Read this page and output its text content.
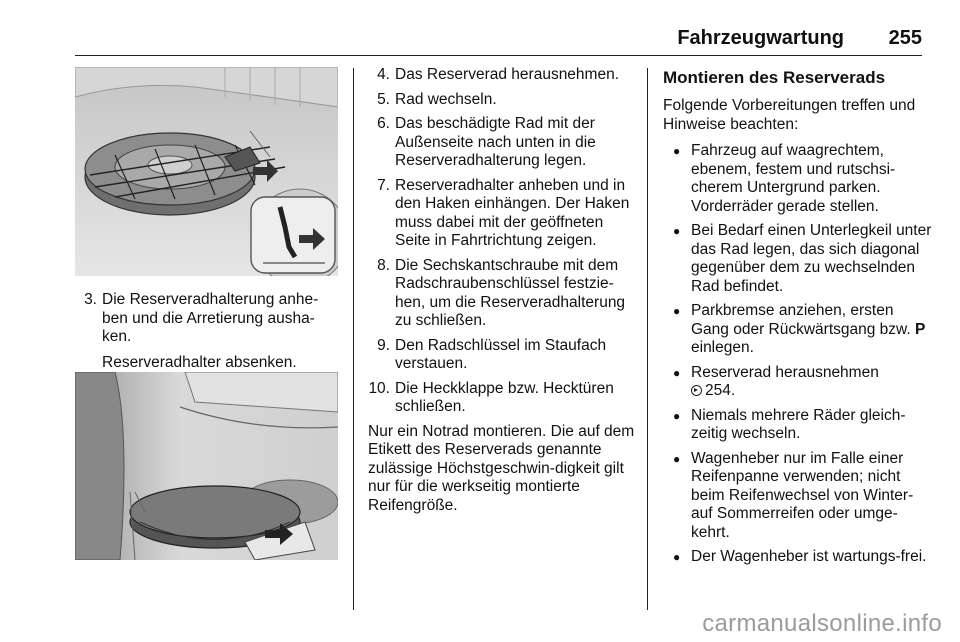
Fahrzeugwartung 255
3. Die Reserveradhalterung anhe-ben und die Arretierung ausha-ken.

Reserveradhalter absenken.

4. Das Reserverad herausnehmen.
5. Rad wechseln.
6. Das beschädigte Rad mit der Außenseite nach unten in die Reserveradhalterung legen.
7. Reserveradhalter anheben und in den Haken einhängen. Der Haken muss dabei mit der geöffneten Seite in Fahrtrichtung zeigen.
8. Die Sechskantschraube mit dem Radschraubenschlüssel festzie-hen, um die Reserveradhalterung zu schließen.
9. Den Radschlüssel im Staufach verstauen.
10. Die Heckklappe bzw. Hecktüren schließen.

Nur ein Notrad montieren. Die auf dem Etikett des Reserverads genannte zulässige Höchstgeschwin-digkeit gilt nur für die werkseitig montierte Reifengröße.

Montieren des Reserverads

Folgende Vorbereitungen treffen und Hinweise beachten:

● Fahrzeug auf waagrechtem, ebenem, festem und rutschsi-cherem Untergrund parken. Vorderräder gerade stellen.
● Bei Bedarf einen Unterlegkeil unter das Rad legen, das sich diagonal gegenüber dem zu wechselnden Rad befindet.
● Parkbremse anziehen, ersten Gang oder Rückwärtsgang bzw. P einlegen.
● Reserverad herausnehmen
254.
● Niemals mehrere Räder gleich-zeitig wechseln.
● Wagenheber nur im Falle einer Reifenpanne verwenden; nicht beim Reifenwechsel von Winter-auf Sommerreifen oder umge-kehrt.
● Der Wagenheber ist wartungs-frei.
carmanualsonline.info
